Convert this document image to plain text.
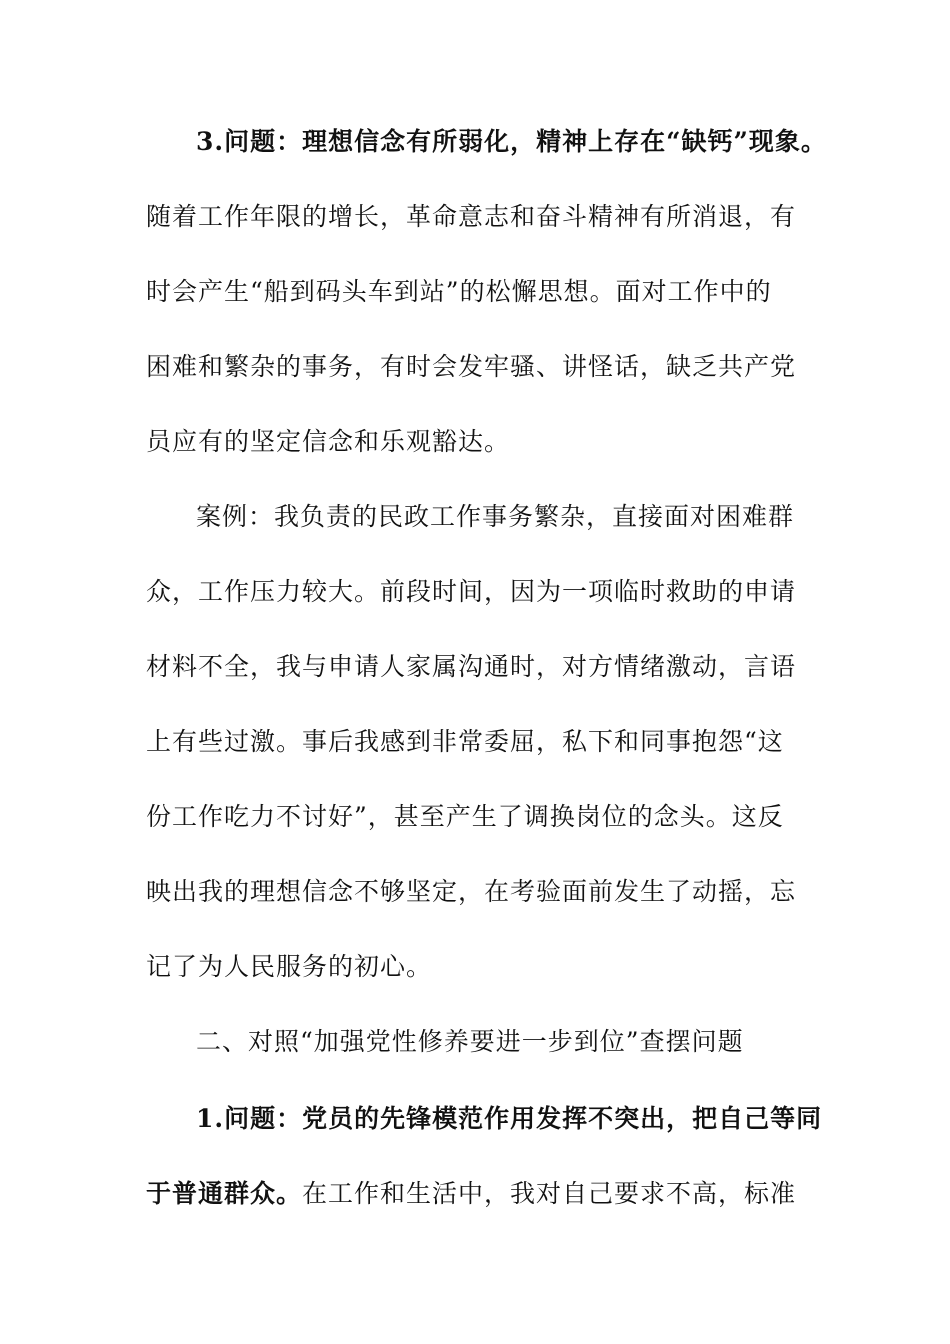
3.问题：理想信念有所弱化，精神上存在“缺钙”现象。
随着工作年限的增长，革命意志和奋斗精神有所消退，有
时会产生“船到码头车到站”的松懈思想。面对工作中的
困难和繁杂的事务，有时会发牢骚、讲怪话，缺乏共产党
员应有的坚定信念和乐观豁达。
案例：我负责的民政工作事务繁杂，直接面对困难群
众，工作压力较大。前段时间，因为一项临时救助的申请
材料不全，我与申请人家属沟通时，对方情绪激动，言语
上有些过激。事后我感到非常委屈，私下和同事抱怨“这
份工作吃力不讨好”，甚至产生了调换岗位的念头。这反
映出我的理想信念不够坚定，在考验面前发生了动摇，忘
记了为人民服务的初心。
二、对照“加强党性修养要进一步到位”查摆问题
1.问题：党员的先锋模范作用发挥不突出，把自己等同
于普通群众。在工作和生活中，我对自己要求不高，标准
